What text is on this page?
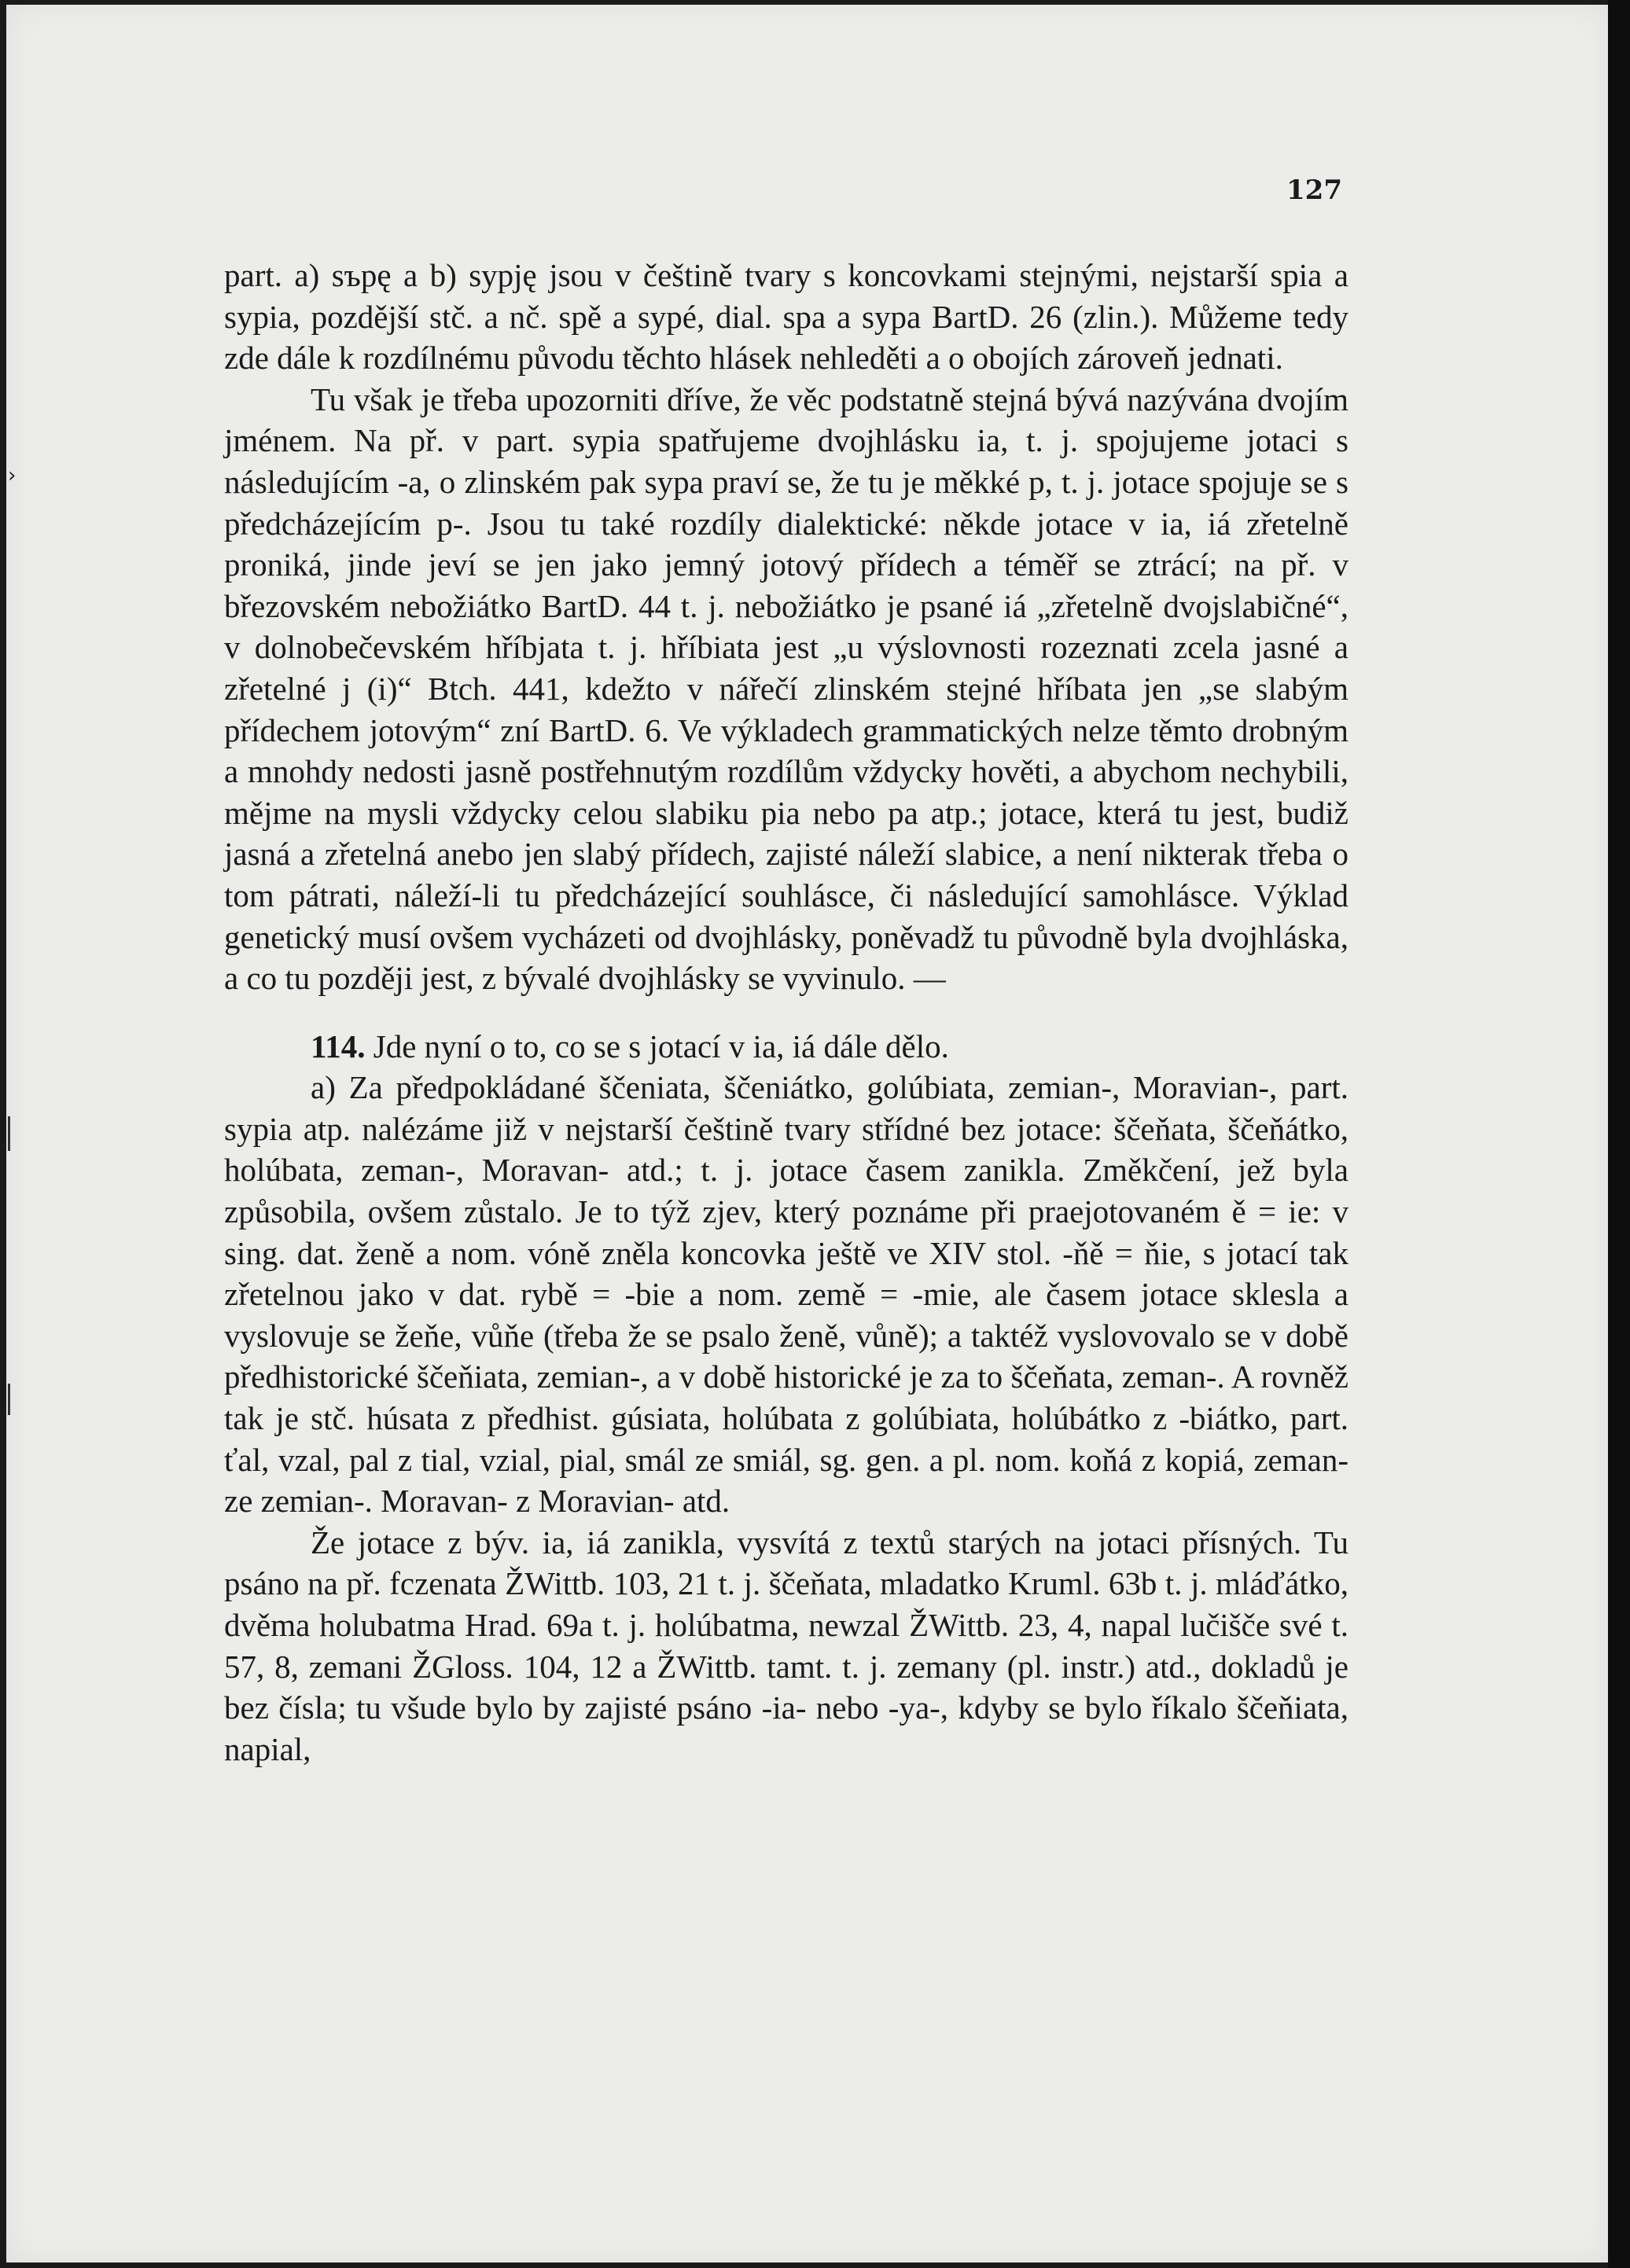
127

part. a) sъpę a b) sypję jsou v češtině tvary s koncovkami stejnými, nejstarší spia a sypia, pozdější stč. a nč. spě a sypé, dial. spa a sypa BartD. 26 (zlin.). Můžeme tedy zde dále k rozdílnému původu těchto hlásek nehleděti a o obojích zároveň jednati.

Tu však je třeba upozorniti dříve, že věc podstatně stejná bývá nazývána dvojím jménem. Na př. v part. sypia spatřujeme dvojhlásku ia, t. j. spojujeme jotaci s následujícím -a, o zlinském pak sypa praví se, že tu je měkké p, t. j. jotace spojuje se s předcházejícím p-. Jsou tu také rozdíly dialektické: někde jotace v ia, iá zřetelně proniká, jinde jeví se jen jako jemný jotový přídech a téměř se ztrácí; na př. v březovském nebožiátko BartD. 44 t. j. nebožiátko je psané iá „zřetelně dvojslabičné“, v dolnobečevském hříbjata t. j. hříbiata jest „u výslovnosti rozeznati zcela jasné a zřetelné j (i)“ Btch. 441, kdežto v nářečí zlinském stejné hříbata jen „se slabým přídechem jotovým“ zní BartD. 6. Ve výkladech grammatických nelze těmto drobným a mnohdy nedosti jasně postřehnutým rozdílům vždycky hověti, a abychom nechybili, mějme na mysli vždycky celou slabiku pia nebo pa atp.; jotace, která tu jest, budiž jasná a zřetelná anebo jen slabý přídech, zajisté náleží slabice, a není nikterak třeba o tom pátrati, náleží-li tu předcházející souhlásce, či následující samohlásce. Výklad genetický musí ovšem vycházeti od dvojhlásky, poněvadž tu původně byla dvojhláska, a co tu později jest, z bývalé dvojhlásky se vyvinulo. —

114. Jde nyní o to, co se s jotací v ia, iá dále dělo.

a) Za předpokládané ščeniata, ščeniátko, golúbiata, zemian-, Moravian-, part. sypia atp. nalézáme již v nejstarší češtině tvary střídné bez jotace: ščeňata, ščeňátko, holúbata, zeman-, Moravan- atd.; t. j. jotace časem zanikla. Změkčení, jež byla způsobila, ovšem zůstalo. Je to týž zjev, který poznáme při praejotovaném ě = ie: v sing. dat. ženě a nom. vóně zněla koncovka ještě ve XIV stol. -ňě = ňie, s jotací tak zřetelnou jako v dat. rybě = -bie a nom. země = -mie, ale časem jotace sklesla a vyslovuje se žeňe, vůňe (třeba že se psalo ženě, vůně); a taktéž vyslovovalo se v době předhistorické ščeňiata, zemian-, a v době historické je za to ščeňata, zeman-. A rovněž tak je stč. húsata z předhist. gúsiata, holúbata z golúbiata, holúbátko z -biátko, part. ťal, vzal, pal z tial, vzial, pial, smál ze smiál, sg. gen. a pl. nom. koňá z kopiá, zeman- ze zemian-. Moravan- z Moravian- atd.

Že jotace z býv. ia, iá zanikla, vysvítá z textů starých na jotaci přísných. Tu psáno na př. fczenata ŽWittb. 103, 21 t. j. ščeňata, mladatko Kruml. 63b t. j. mláďátko, dvěma holubatma Hrad. 69a t. j. holúbatma, newzal ŽWittb. 23, 4, napal lučišče své t. 57, 8, zemani ŽGloss. 104, 12 a ŽWittb. tamt. t. j. zemany (pl. instr.) atd., dokladů je bez čísla; tu všude bylo by zajisté psáno -ia- nebo -ya-, kdyby se bylo říkalo ščeňiata, napial,

›
